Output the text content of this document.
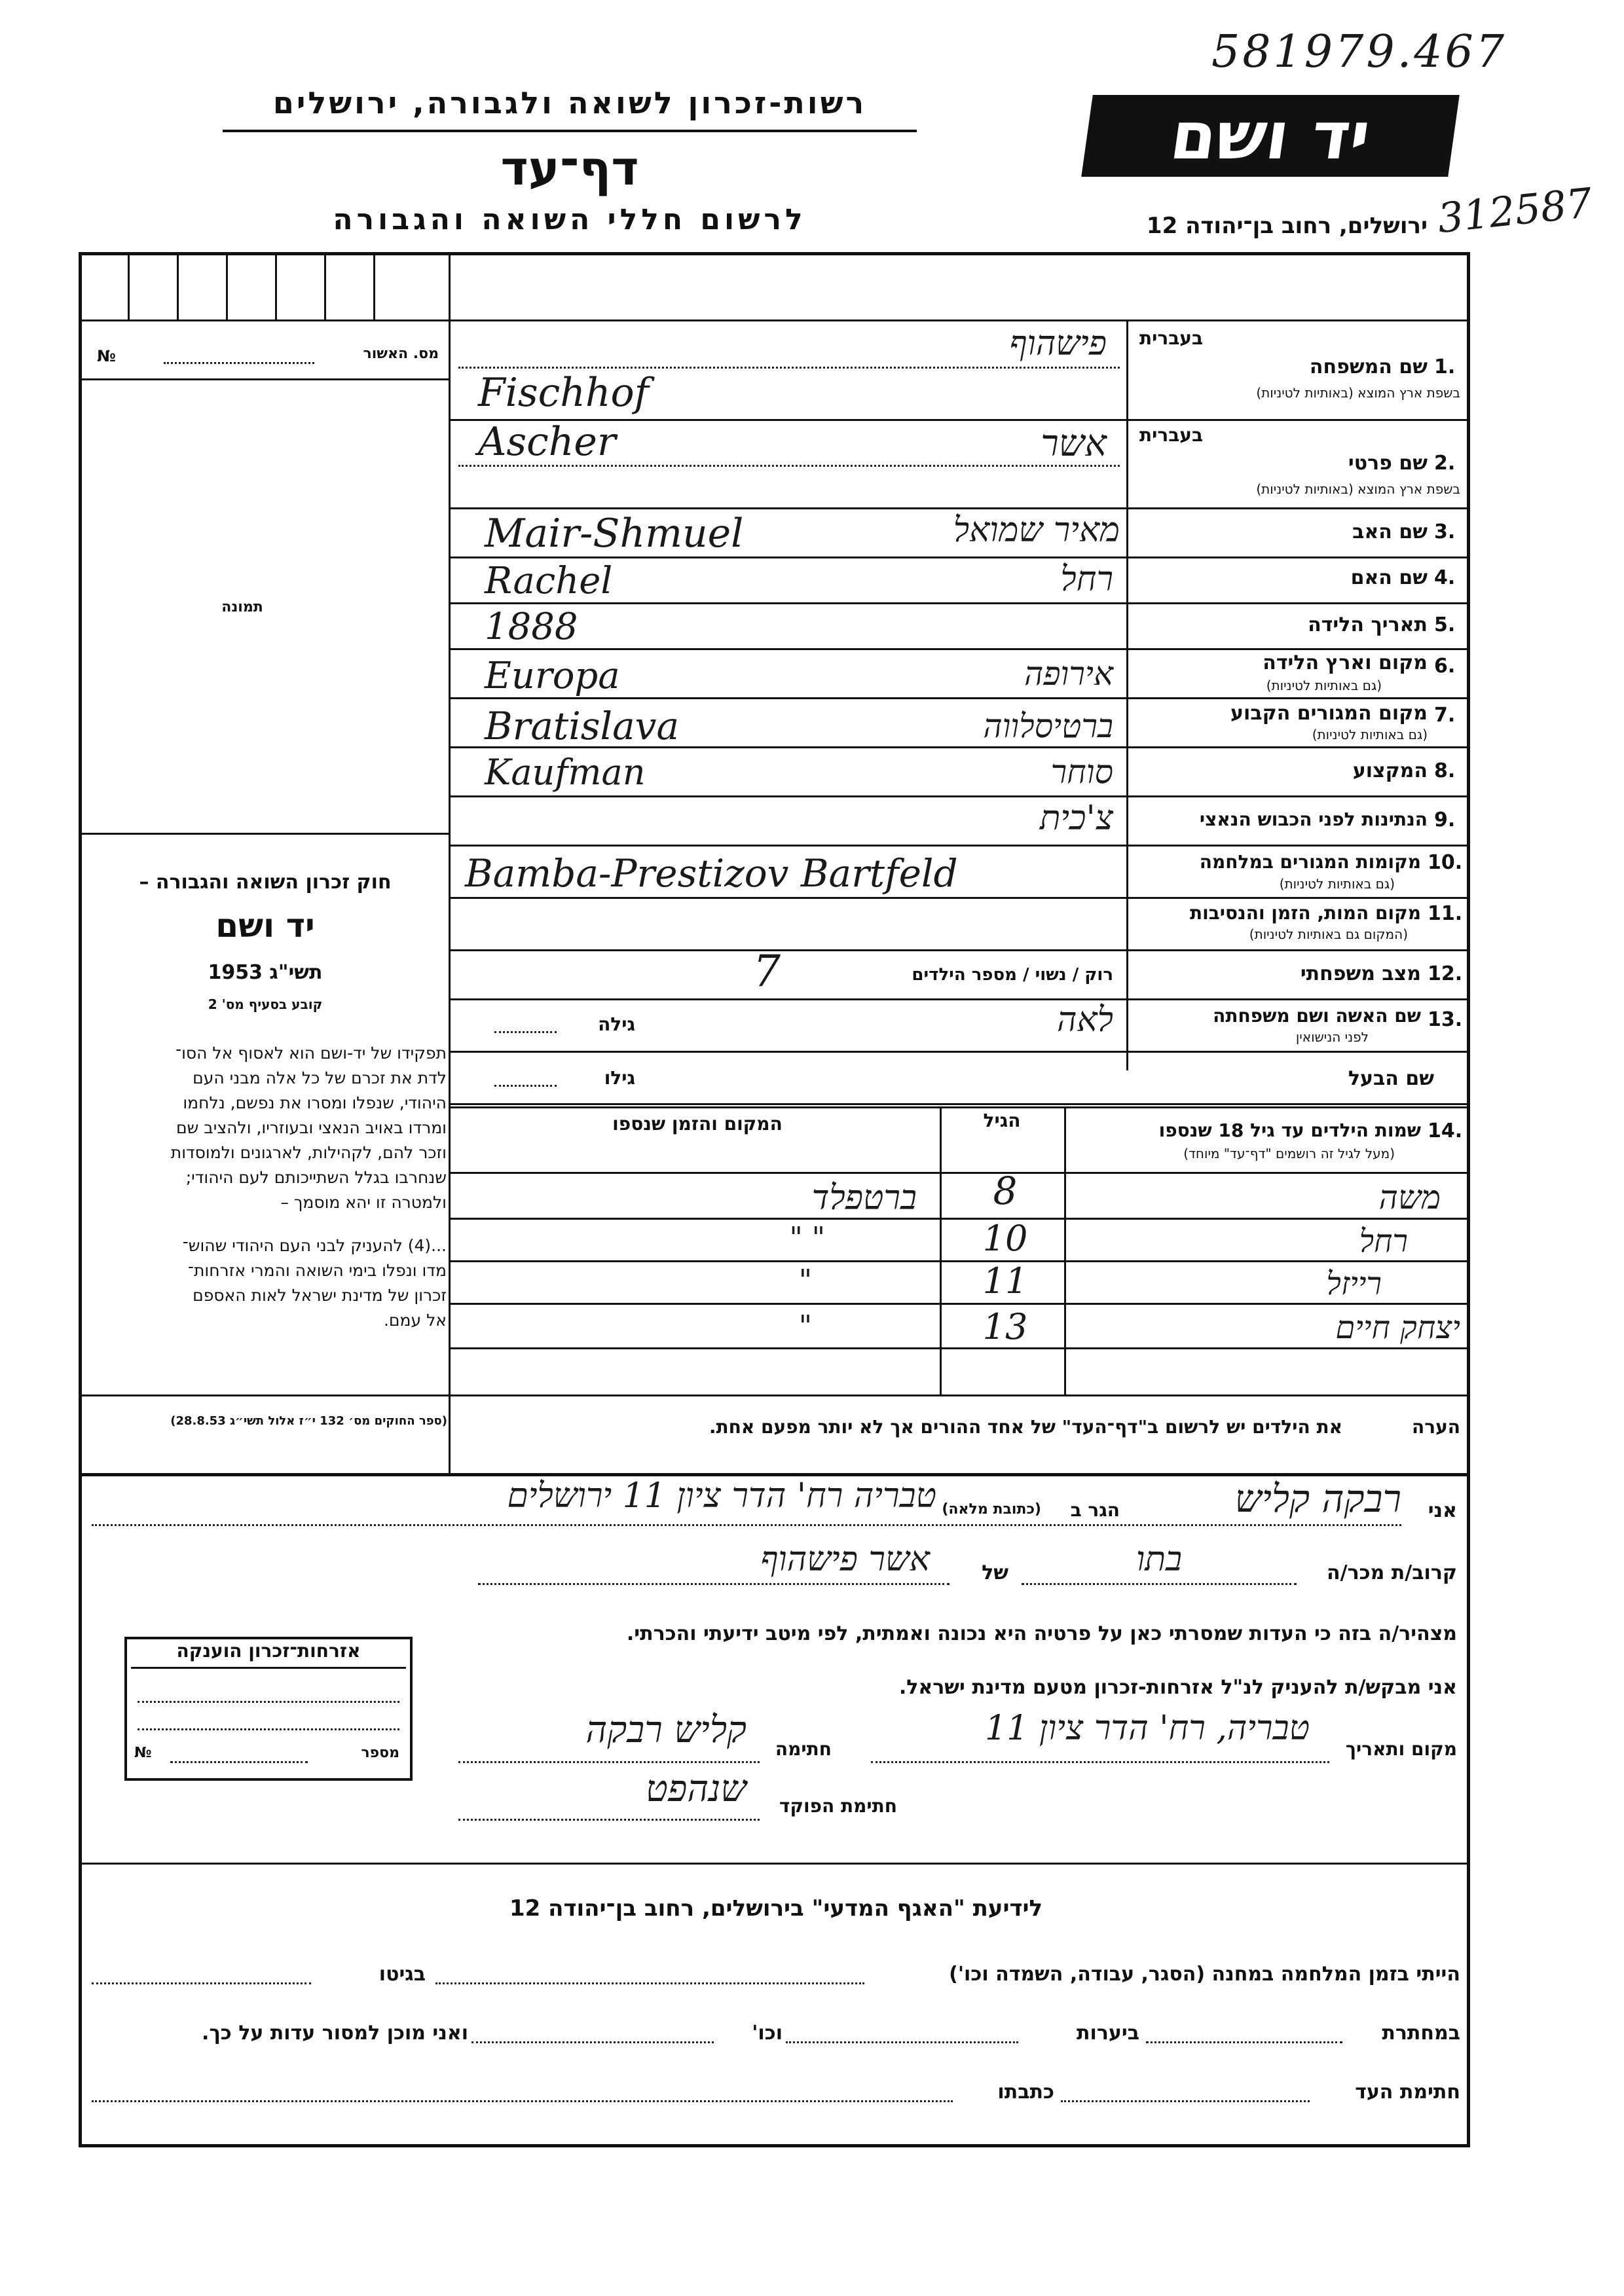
581979.467
רשות-זכרון לשואה ולגבורה, ירושלים
דף־עד
לרשום חללי השואה והגבורה
יד ושם
ירושלים, רחוב בן־יהודה 12 312587
מס. האשור
№
תמונה
חוק זכרון השואה והגבורה –
יד ושם
תשי"ג 1953
קובע בסעיף מס' 2
תפקידו של יד-ושם הוא לאסוף אל הסו־
לדת את זכרם של כל אלה מבני העם
היהודי, שנפלו ומסרו את נפשם, נלחמו
ומרדו באויב הנאצי ובעוזריו, ולהציב שם
וזכר להם, לקהילות, לארגונים ולמוסדות
שנחרבו בגלל השתייכותם לעם היהודי;
ולמטרה זו יהא מוסמך –
...(4) להעניק לבני העם היהודי שהוש־
מדו ונפלו בימי השואה והמרי אזרחות־
זכרון של מדינת ישראל לאות האספם
אל עמם.
(ספר החוקים מס׳ 132 י״ז אלול תשי״ג 28.8.53)
בעברית
1.
שם המשפחה
בשפת ארץ המוצא (באותיות לטיניות)
פישהוף
Fischhof
בעברית
2.
שם פרטי
בשפת ארץ המוצא (באותיות לטיניות)
אשר
Ascher
3.
שם האב
מאיר שמואל
Mair-Shmuel
4.
שם האם
רחל
Rachel
5.
תאריך הלידה
1888
6.
מקום וארץ הלידה
(גם באותיות לטיניות)
אירופה
Europa
7.
מקום המגורים הקבוע
(גם באותיות לטיניות)
ברטיסלווה
Bratislava
8.
המקצוע
סוחר
Kaufman
9.
הנתינות לפני הכבוש הנאצי
צ'כית
10.
מקומות המגורים במלחמה
(גם באותיות לטיניות)
Bamba-Prestizov Bartfeld
11.
מקום המות, הזמן והנסיבות
(המקום גם באותיות לטיניות)
12.
מצב משפחתי
רוק / נשוי / מספר הילדים
7
13.
שם האשה ושם משפחתה
לפני הנישואין
לאה
גילה
שם הבעל
גילו
14.
שמות הילדים עד גיל 18 שנספו
(מעל לגיל זה רושמים "דף־עד" מיוחד)
הגיל
המקום והזמן שנספו
משה
8
ברטפלד
רחל
10
" "
רייזל
11
"
יצחק חיים
13
"
הערה
את הילדים יש לרשום ב"דף־העד" של אחד ההורים אך לא יותר מפעם אחת.
אני
רבקה קליש
הגר ב
(כתובת מלאה)
טבריה רח' הדר ציון 11 ירושלים
קרוב/ת מכר/ה
בתו
של
אשר פישהוף
מצהיר/ה בזה כי העדות שמסרתי כאן על פרטיה היא נכונה ואמתית, לפי מיטב ידיעתי והכרתי.
אני מבקש/ת להעניק לנ"ל אזרחות-זכרון מטעם מדינת ישראל.
מקום ותאריך
טבריה, רח' הדר ציון 11
חתימה
קליש רבקה
חתימת הפוקד
שנהפט
אזרחות־זכרון הוענקה
מספר
№
לידיעת "האגף המדעי" בירושלים, רחוב בן־יהודה 12
הייתי בזמן המלחמה במחנה (הסגר, עבודה, השמדה וכו')
בגיטו
במחתרת
ביערות
וכו'
ואני מוכן למסור עדות על כך.
חתימת העד
כתבתו
